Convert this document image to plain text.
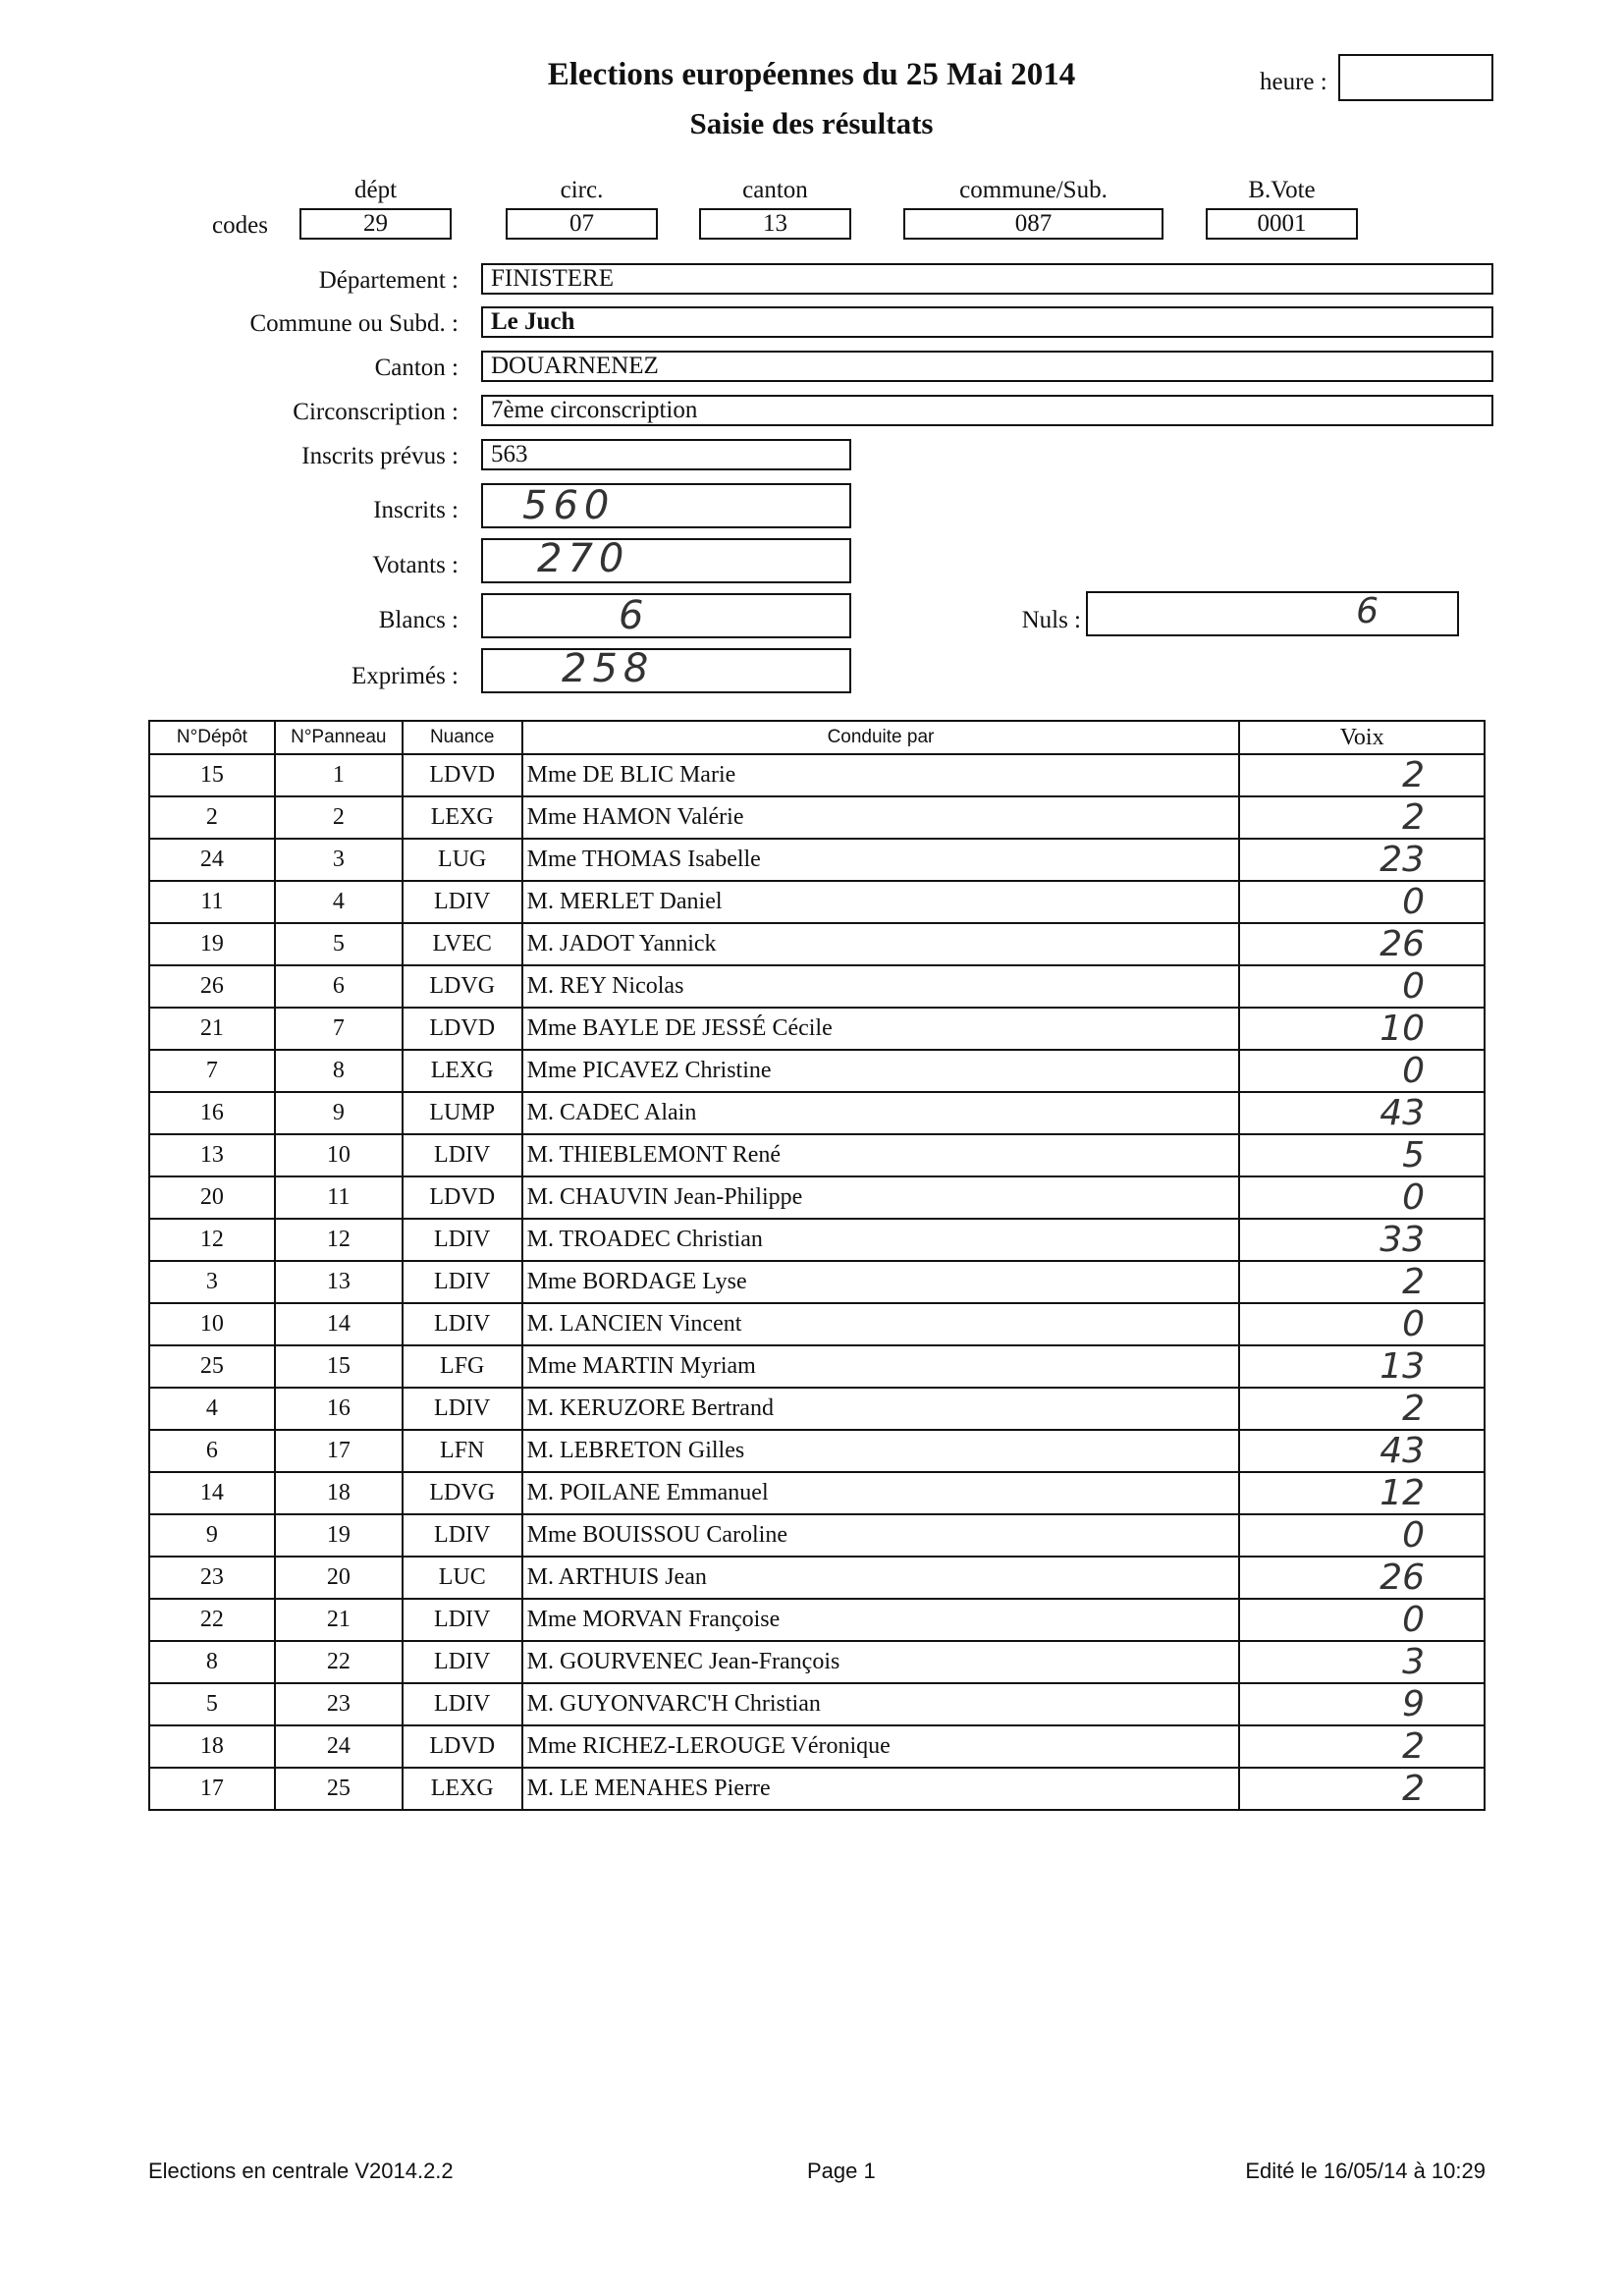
Elections européennes du 25 Mai 2014
Saisie des résultats
heure :
dépt	circ.	canton	commune/Sub.	B.Vote
codes	29	07	13	087	0001
Département :	FINISTERE
Commune ou Subd. :	Le Juch
Canton :	DOUARNENEZ
Circonscription :	7ème circonscription
Inscrits prévus :	563
Inscrits : 560
Votants : 270
Blancs :	6	Nuls :	6
Exprimés :	258
N°Dépôt	N°Panneau	Nuance	Conduite par	Voix
15	1	LDVD	Mme DE BLIC Marie	2
2	2	LEXG	Mme HAMON Valérie	2
24	3	LUG	Mme THOMAS Isabelle	23
11	4	LDIV	M. MERLET Daniel	0
19	5	LVEC	M. JADOT Yannick	26
26	6	LDVG	M. REY Nicolas	0
21	7	LDVD	Mme BAYLE DE JESSÉ Cécile	10
7	8	LEXG	Mme PICAVEZ Christine	0
16	9	LUMP	M. CADEC Alain	43
13	10	LDIV	M. THIEBLEMONT René	5
20	11	LDVD	M. CHAUVIN Jean-Philippe	0
12	12	LDIV	M. TROADEC Christian	33
3	13	LDIV	Mme BORDAGE Lyse	2
10	14	LDIV	M. LANCIEN Vincent	0
25	15	LFG	Mme MARTIN Myriam	13
4	16	LDIV	M. KERUZORE Bertrand	2
6	17	LFN	M. LEBRETON Gilles	43
14	18	LDVG	M. POILANE Emmanuel	12
9	19	LDIV	Mme BOUISSOU Caroline	0
23	20	LUC	M. ARTHUIS Jean	26
22	21	LDIV	Mme MORVAN Françoise	0
8	22	LDIV	M. GOURVENEC Jean-François	3
5	23	LDIV	M. GUYONVARC'H Christian	9
18	24	LDVD	Mme RICHEZ-LEROUGE Véronique	2
17	25	LEXG	M. LE MENAHES Pierre	2
Elections en centrale V2014.2.2	Page 1	Edité le 16/05/14 à 10:29
